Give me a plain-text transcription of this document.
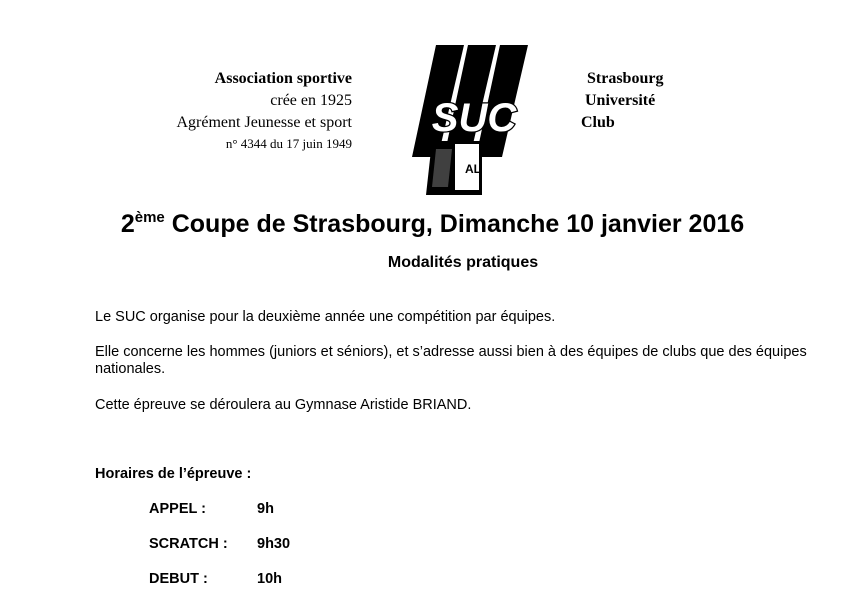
Association sportive
crée en 1925
Agrément Jeunesse et sport
n° 4344 du 17 juin 1949
AL
SUC
Strasbourg
Université
Club
2ème Coupe de Strasbourg, Dimanche 10 janvier 2016
Modalités pratiques
Le SUC organise pour la deuxième année une compétition par équipes.
Elle concerne les hommes (juniors et séniors), et s’adresse aussi bien à des équipes de clubs que des équipes nationales.
Cette épreuve se déroulera au Gymnase Aristide BRIAND.
Horaires de l’épreuve :
APPEL :	9h
SCRATCH : 9h30
DEBUT :	10h
